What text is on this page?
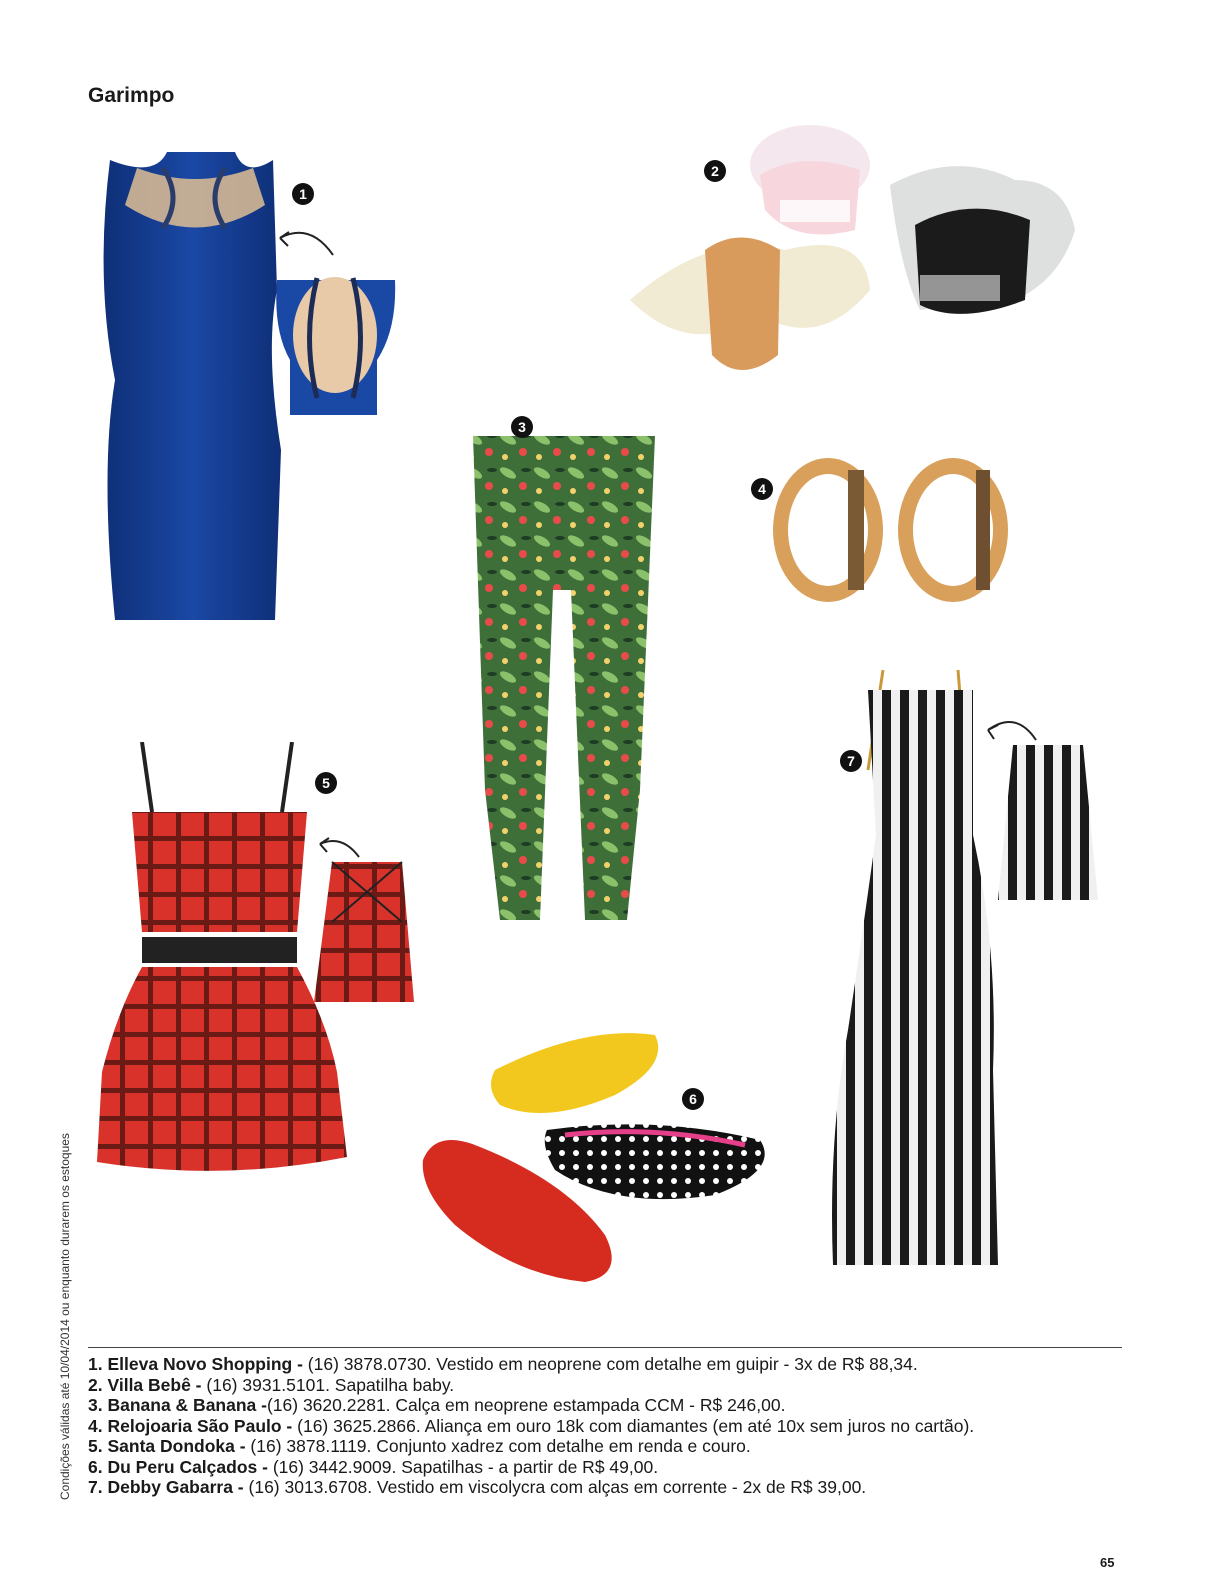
Garimpo
1
2
3
4
5
6
7
1. Elleva Novo Shopping - (16) 3878.0730. Vestido em neoprene com detalhe em guipir - 3x de R$ 88,34.
2. Villa Bebê - (16) 3931.5101. Sapatilha baby.
3. Banana & Banana -(16) 3620.2281. Calça em neoprene estampada CCM - R$ 246,00.
4. Relojoaria São Paulo - (16) 3625.2866. Aliança em ouro 18k com diamantes (em até 10x sem juros no cartão).
5. Santa Dondoka - (16) 3878.1119. Conjunto xadrez com detalhe em renda e couro.
6. Du Peru Calçados - (16) 3442.9009. Sapatilhas - a partir de R$ 49,00.
7. Debby Gabarra - (16) 3013.6708. Vestido em viscolycra com alças em corrente - 2x de R$ 39,00.
Condições válidas até 10/04/2014 ou enquanto durarem os estoques
65
